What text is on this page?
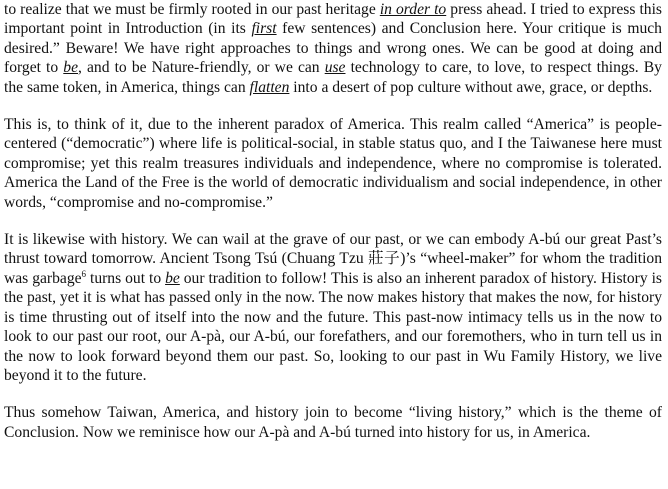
to realize that we must be firmly rooted in our past heritage in order to press ahead. I tried to express this important point in Introduction (in its first few sentences) and Conclusion here. Your critique is much desired.” Beware! We have right approaches to things and wrong ones. We can be good at doing and forget to be, and to be Nature-friendly, or we can use technology to care, to love, to respect things. By the same token, in America, things can flatten into a desert of pop culture without awe, grace, or depths.

This is, to think of it, due to the inherent paradox of America. This realm called “America” is people-centered (“democratic”) where life is political-social, in stable status quo, and I the Taiwanese here must compromise; yet this realm treasures individuals and independence, where no compromise is tolerated. America the Land of the Free is the world of democratic individualism and social independence, in other words, “compromise and no-compromise.”

It is likewise with history. We can wail at the grave of our past, or we can embody A-bú our great Past’s thrust toward tomorrow. Ancient Tsong Tsú (Chuang Tzu 莊子)’s “wheel-maker” for whom the tradition was garbage$^6$ turns out to be our tradition to follow! This is also an inherent paradox of history. History is the past, yet it is what has passed only in the now. The now makes history that makes the now, for history is time thrusting out of itself into the now and the future. This past-now intimacy tells us in the now to look to our past our root, our A-pà, our A-bú, our forefathers, and our foremothers, who in turn tell us in the now to look forward beyond them our past. So, looking to our past in Wu Family History, we live beyond it to the future.

Thus somehow Taiwan, America, and history join to become “living history,” which is the theme of Conclusion. Now we reminisce how our A-pà and A-bú turned into history for us, in America.
